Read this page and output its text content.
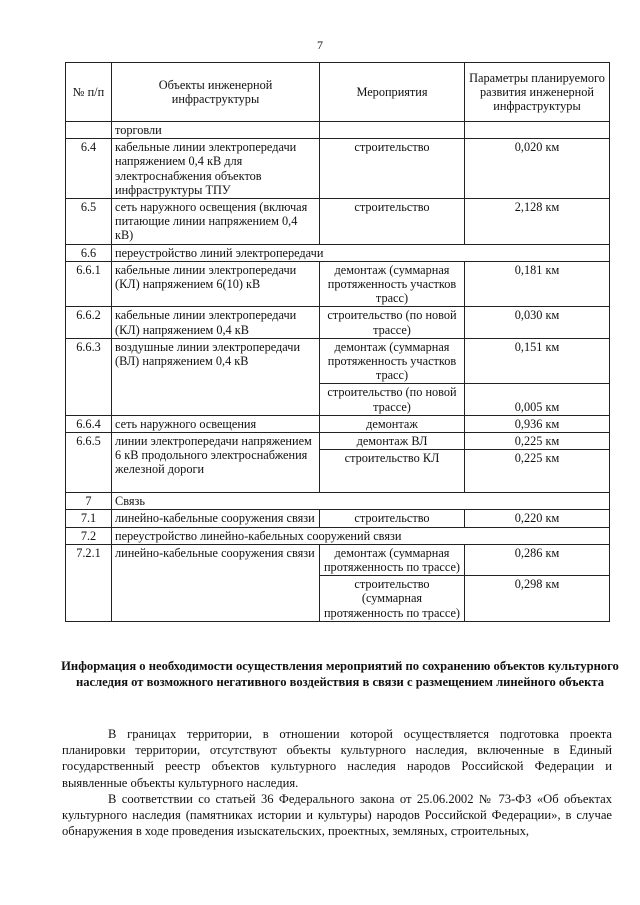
7
№ п/п	Объекты инженерной инфраструктуры	Мероприятия	Параметры планируемого развития инженерной инфраструктуры
	торговли		
6.4	кабельные линии электропередачи напряжением 0,4 кВ для электроснабжения объектов инфраструктуры ТПУ	строительство	0,020 км
6.5	сеть наружного освещения (включая питающие линии напряжением 0,4 кВ)	строительство	2,128 км
6.6	переустройство линий электропередачи		
6.6.1	кабельные линии электропередачи (КЛ) напряжением 6(10) кВ	демонтаж (суммарная протяженность участков трасс)	0,181 км
6.6.2	кабельные линии электропередачи (КЛ) напряжением 0,4 кВ	строительство (по новой трассе)	0,030 км
6.6.3	воздушные линии электропередачи (ВЛ) напряжением 0,4 кВ	демонтаж (суммарная протяженность участков трасс)	0,151 км
		строительство (по новой трассе)	0,005 км
6.6.4	сеть наружного освещения	демонтаж	0,936 км
6.6.5	линии электропередачи напряжением 6 кВ продольного электроснабжения железной дороги	демонтаж ВЛ	0,225 км
		строительство КЛ	0,225 км
7	Связь		
7.1	линейно-кабельные сооружения связи	строительство	0,220 км
7.2	переустройство линейно-кабельных сооружений связи		
7.2.1	линейно-кабельные сооружения связи	демонтаж (суммарная протяженность по трассе)	0,286 км
		строительство (суммарная протяженность по трассе)	0,298 км
Информация о необходимости осуществления мероприятий по сохранению объектов культурного наследия от возможного негативного воздействия в связи с размещением линейного объекта

В границах территории, в отношении которой осуществляется подготовка проекта планировки территории, отсутствуют объекты культурного наследия, включенные в Единый государственный реестр объектов культурного наследия народов Российской Федерации и выявленные объекты культурного наследия.

В соответствии со статьей 36 Федерального закона от 25.06.2002 № 73-ФЗ «Об объектах культурного наследия (памятниках истории и культуры) народов Российской Федерации», в случае обнаружения в ходе проведения изыскательских, проектных, земляных, строительных,
